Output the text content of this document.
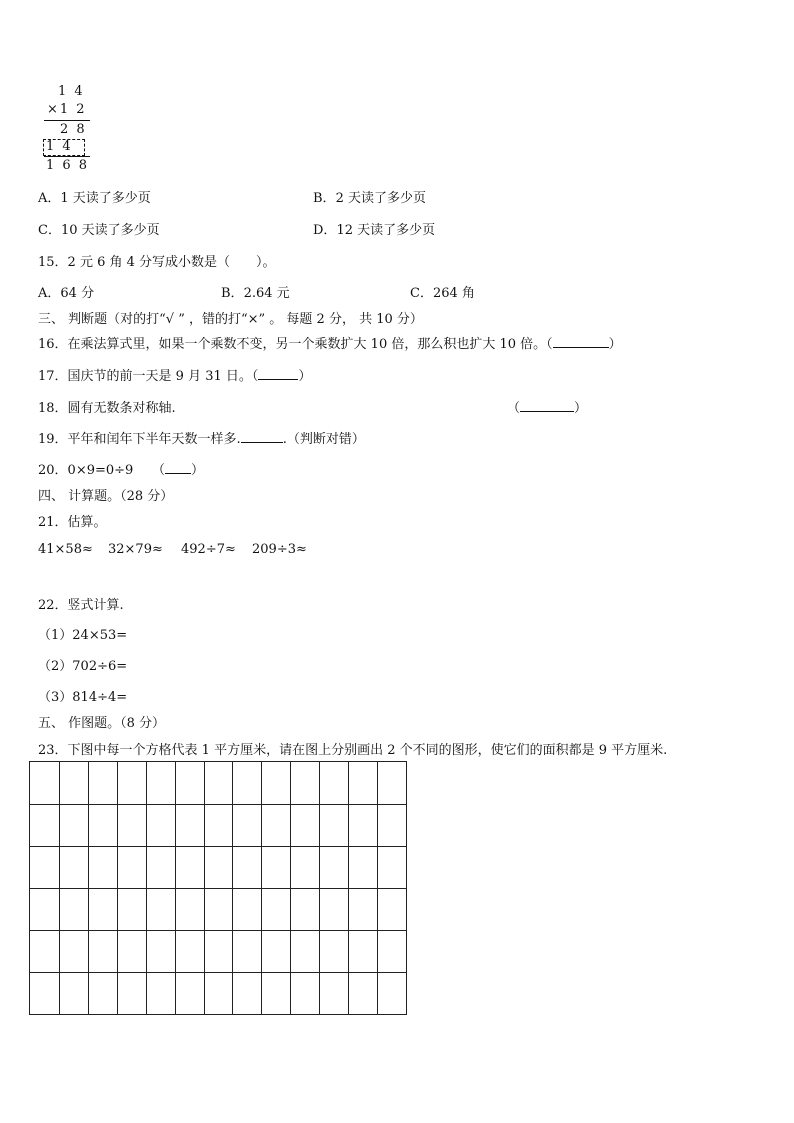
1 4
×1 2
2 8
1 4
1 6 8
A．1 天读了多少页	B．2 天读了多少页
C．10 天读了多少页	D．12 天读了多少页
15．2 元 6 角 4 分写成小数是（　　）。
A．64 分	B．2.64 元	C．264 角
三、 判断题（对的打“√ ” ，错的打“×” 。 每题 2 分， 共 10 分）
16．在乘法算式里，如果一个乘数不变，另一个乘数扩大 10 倍，那么积也扩大 10 倍。（	）
17．国庆节的前一天是 9 月 31 日。（	）
18．圆有无数条对称轴.	（	）
19．平年和闰年下半年天数一样多.	.（判断对错）
20．0×9=0÷9 （ ）
四、 计算题。（28 分）
21．估算。
41×58≈ 32×79≈ 492÷7≈ 209÷3≈
22．竖式计算.
（1）24×53=
（2）702÷6=
（3）814÷4=
五、 作图题。（8 分）
23．下图中每一个方格代表 1 平方厘米，请在图上分别画出 2 个不同的图形，使它们的面积都是 9 平方厘米.
